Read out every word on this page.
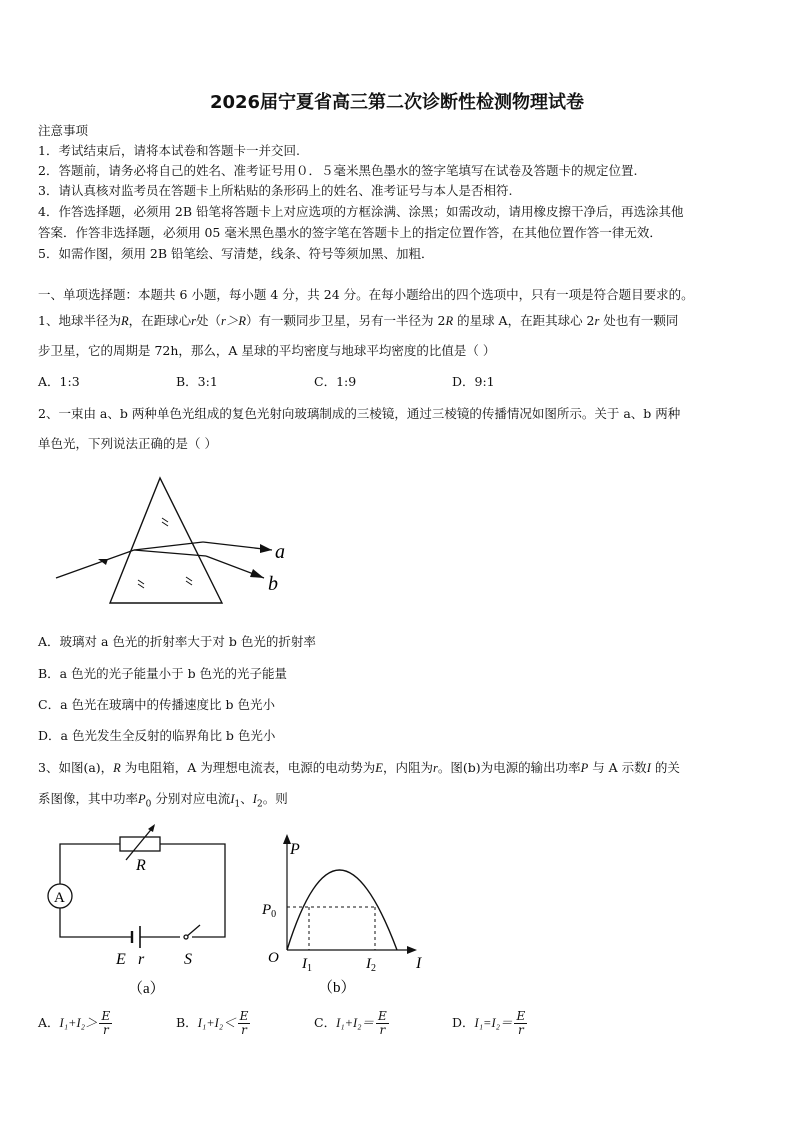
2026届宁夏省高三第二次诊断性检测物理试卷
注意事项
1．考试结束后，请将本试卷和答题卡一并交回.
2．答题前，请务必将自己的姓名、准考证号用０．５毫米黑色墨水的签字笔填写在试卷及答题卡的规定位置.
3．请认真核对监考员在答题卡上所粘贴的条形码上的姓名、准考证号与本人是否相符.
4．作答选择题，必须用 2B 铅笔将答题卡上对应选项的方框涂满、涂黑；如需改动，请用橡皮擦干净后，再选涂其他
答案．作答非选择题，必须用 05 毫米黑色墨水的签字笔在答题卡上的指定位置作答，在其他位置作答一律无效．
5．如需作图，须用 2B 铅笔绘、写清楚，线条、符号等须加黑、加粗．
一、单项选择题：本题共 6 小题，每小题 4 分，共 24 分。在每小题给出的四个选项中，只有一项是符合题目要求的。
1、地球半径为R，在距球心r处（r＞R）有一颗同步卫星，另有一半径为 2R 的星球 A，在距其球心 2r 处也有一颗同
步卫星，它的周期是 72h，那么，A 星球的平均密度与地球平均密度的比值是（ ）
A．1:3	B．3:1	C．1:9	D．9:1
2、一束由 a、b 两种单色光组成的复色光射向玻璃制成的三棱镜，通过三棱镜的传播情况如图所示。关于 a、b 两种
单色光，下列说法正确的是（ ）
a
b
A．玻璃对 a 色光的折射率大于对 b 色光的折射率
B．a 色光的光子能量小于 b 色光的光子能量
C．a 色光在玻璃中的传播速度比 b 色光小
D．a 色光发生全反射的临界角比 b 色光小
3、如图(a)，R 为电阻箱，A 为理想电流表，电源的电动势为E，内阻为r。图(b)为电源的输出功率P 与 A 示数I 的关
系图像，其中功率$P_0$ 分别对应电流$I_1$、$I_2$。则
R
A
E r S
（a）
P
$P_0$
O $I_1$	$I_2$	I
（b）
A．$I_1+I_2> \frac{E}{r}$	B．$I_1+I_2< \frac{E}{r}$	C．$I_1+I_2= \frac{E}{r}$	D．$I_1=I_2= \frac{E}{r}$
